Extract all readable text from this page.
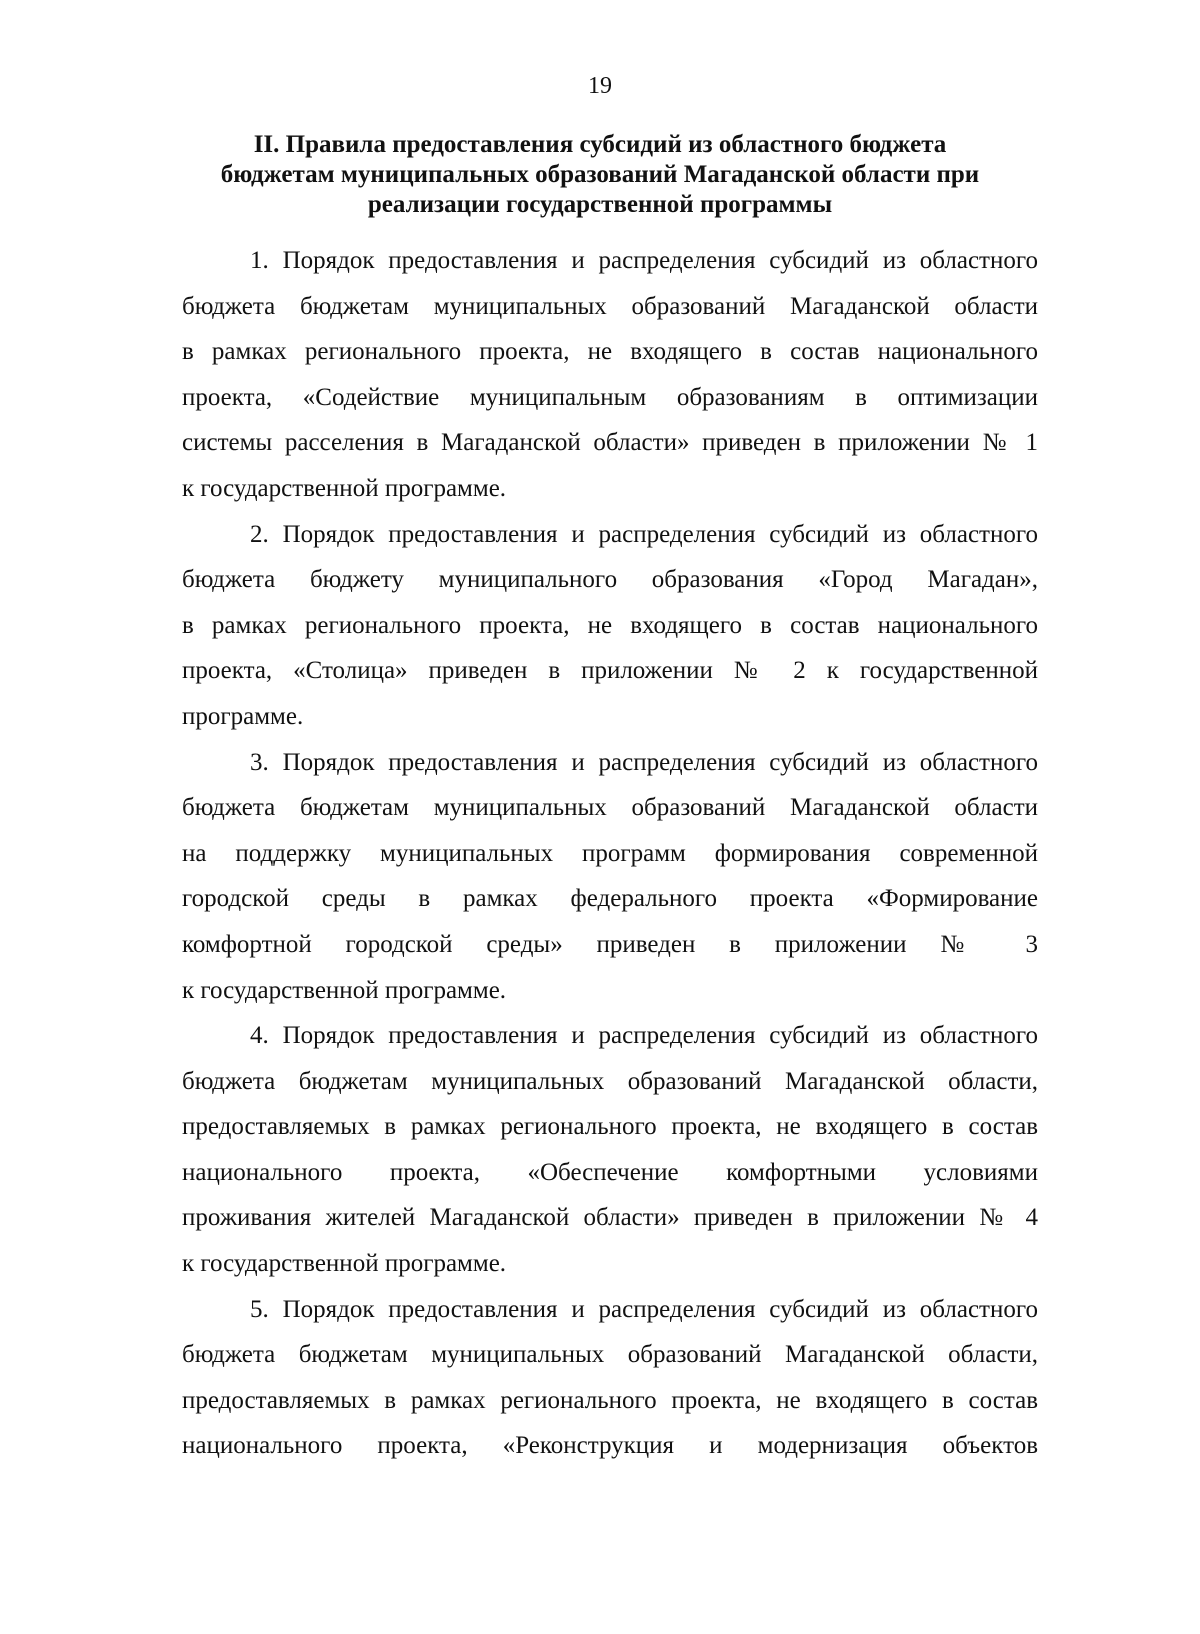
19
II. Правила предоставления субсидий из областного бюджета
бюджетам муниципальных образований Магаданской области при
реализации государственной программы
1. Порядок предоставления и распределения субсидий из областного
бюджета бюджетам муниципальных образований Магаданской области
в рамках регионального проекта, не входящего в состав национального
проекта, «Содействие муниципальным образованиям в оптимизации
системы расселения в Магаданской области» приведен в приложении № 1
к государственной программе.
2. Порядок предоставления и распределения субсидий из областного
бюджета бюджету муниципального образования «Город Магадан»,
в рамках регионального проекта, не входящего в состав национального
проекта, «Столица» приведен в приложении № 2 к государственной
программе.
3. Порядок предоставления и распределения субсидий из областного
бюджета бюджетам муниципальных образований Магаданской области
на поддержку муниципальных программ формирования современной
городской среды в рамках федерального проекта «Формирование
комфортной городской среды» приведен в приложении № 3
к государственной программе.
4. Порядок предоставления и распределения субсидий из областного
бюджета бюджетам муниципальных образований Магаданской области,
предоставляемых в рамках регионального проекта, не входящего в состав
национального проекта, «Обеспечение комфортными условиями
проживания жителей Магаданской области» приведен в приложении № 4
к государственной программе.
5. Порядок предоставления и распределения субсидий из областного
бюджета бюджетам муниципальных образований Магаданской области,
предоставляемых в рамках регионального проекта, не входящего в состав
национального проекта, «Реконструкция и модернизация объектов
